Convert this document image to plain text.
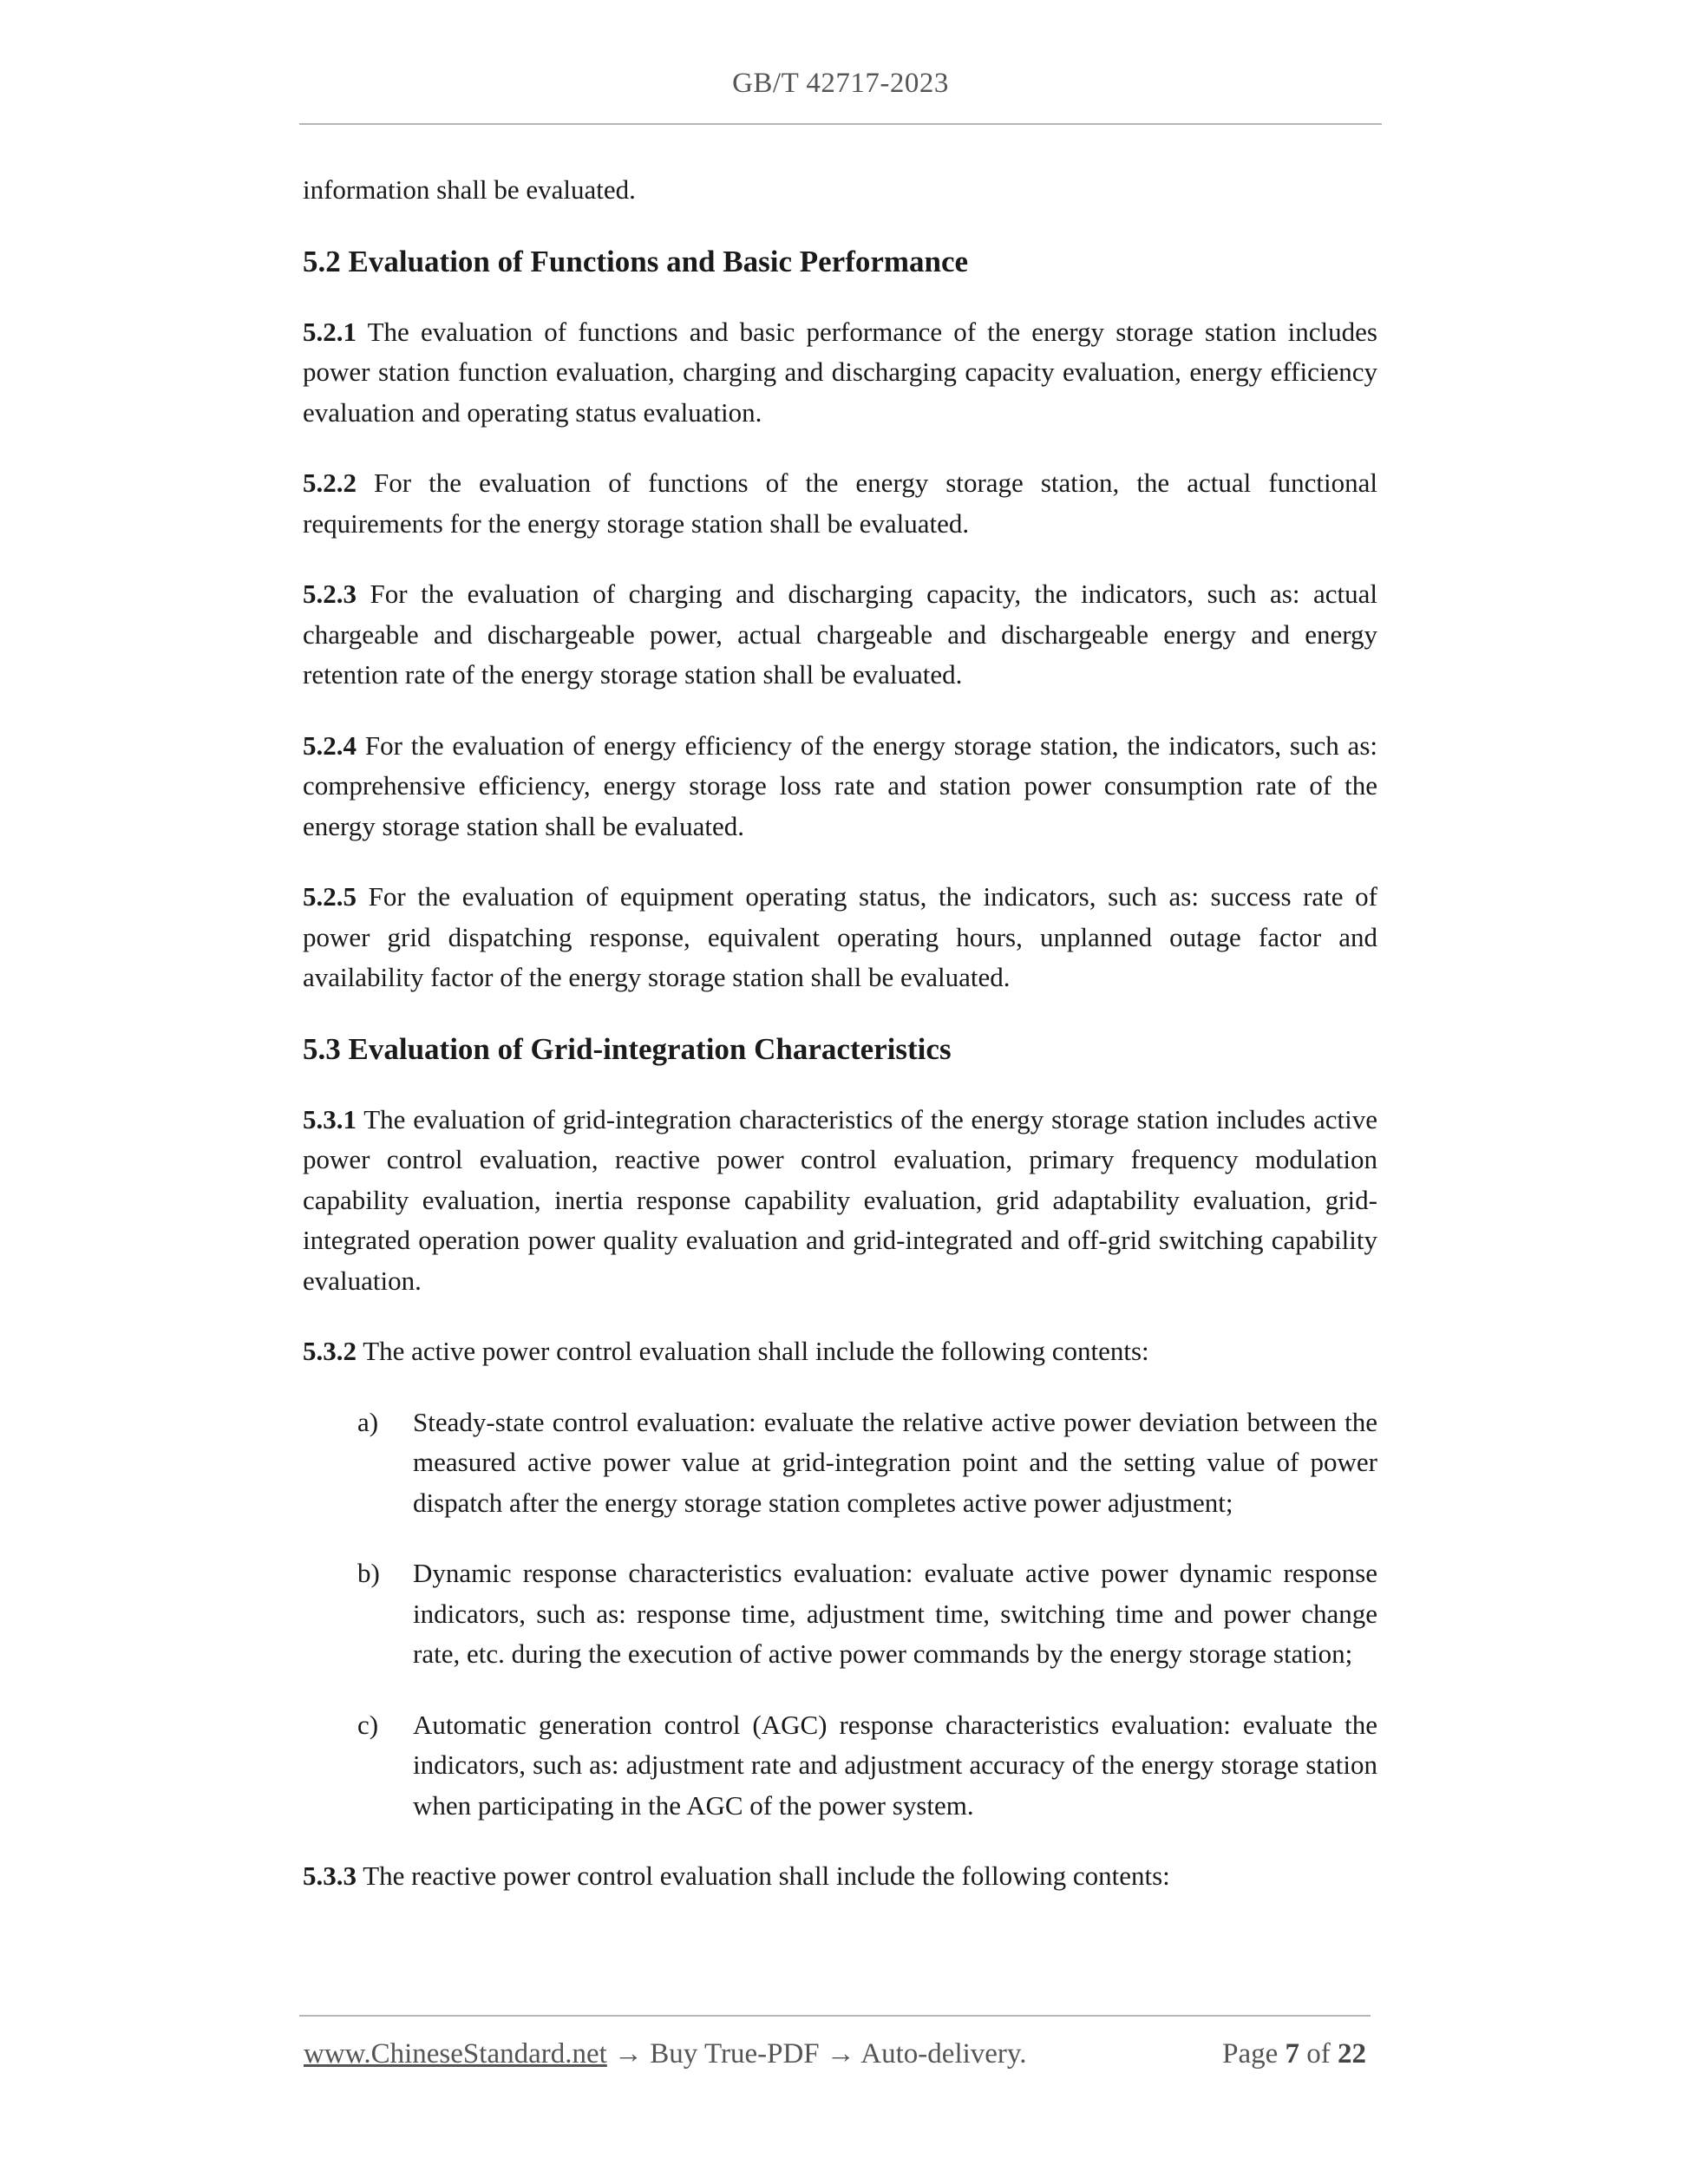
GB/T 42717-2023

information shall be evaluated.

5.2 Evaluation of Functions and Basic Performance

5.2.1 The evaluation of functions and basic performance of the energy storage station includes power station function evaluation, charging and discharging capacity evaluation, energy efficiency evaluation and operating status evaluation.

5.2.2 For the evaluation of functions of the energy storage station, the actual functional requirements for the energy storage station shall be evaluated.

5.2.3 For the evaluation of charging and discharging capacity, the indicators, such as: actual chargeable and dischargeable power, actual chargeable and dischargeable energy and energy retention rate of the energy storage station shall be evaluated.

5.2.4 For the evaluation of energy efficiency of the energy storage station, the indicators, such as: comprehensive efficiency, energy storage loss rate and station power consumption rate of the energy storage station shall be evaluated.

5.2.5 For the evaluation of equipment operating status, the indicators, such as: success rate of power grid dispatching response, equivalent operating hours, unplanned outage factor and availability factor of the energy storage station shall be evaluated.

5.3 Evaluation of Grid-integration Characteristics

5.3.1 The evaluation of grid-integration characteristics of the energy storage station includes active power control evaluation, reactive power control evaluation, primary frequency modulation capability evaluation, inertia response capability evaluation, grid adaptability evaluation, grid-integrated operation power quality evaluation and grid-integrated and off-grid switching capability evaluation.

5.3.2 The active power control evaluation shall include the following contents:

a) Steady-state control evaluation: evaluate the relative active power deviation between the measured active power value at grid-integration point and the setting value of power dispatch after the energy storage station completes active power adjustment;

b) Dynamic response characteristics evaluation: evaluate active power dynamic response indicators, such as: response time, adjustment time, switching time and power change rate, etc. during the execution of active power commands by the energy storage station;

c) Automatic generation control (AGC) response characteristics evaluation: evaluate the indicators, such as: adjustment rate and adjustment accuracy of the energy storage station when participating in the AGC of the power system.

5.3.3 The reactive power control evaluation shall include the following contents:

www.ChineseStandard.net → Buy True-PDF → Auto-delivery.	Page 7 of 22
